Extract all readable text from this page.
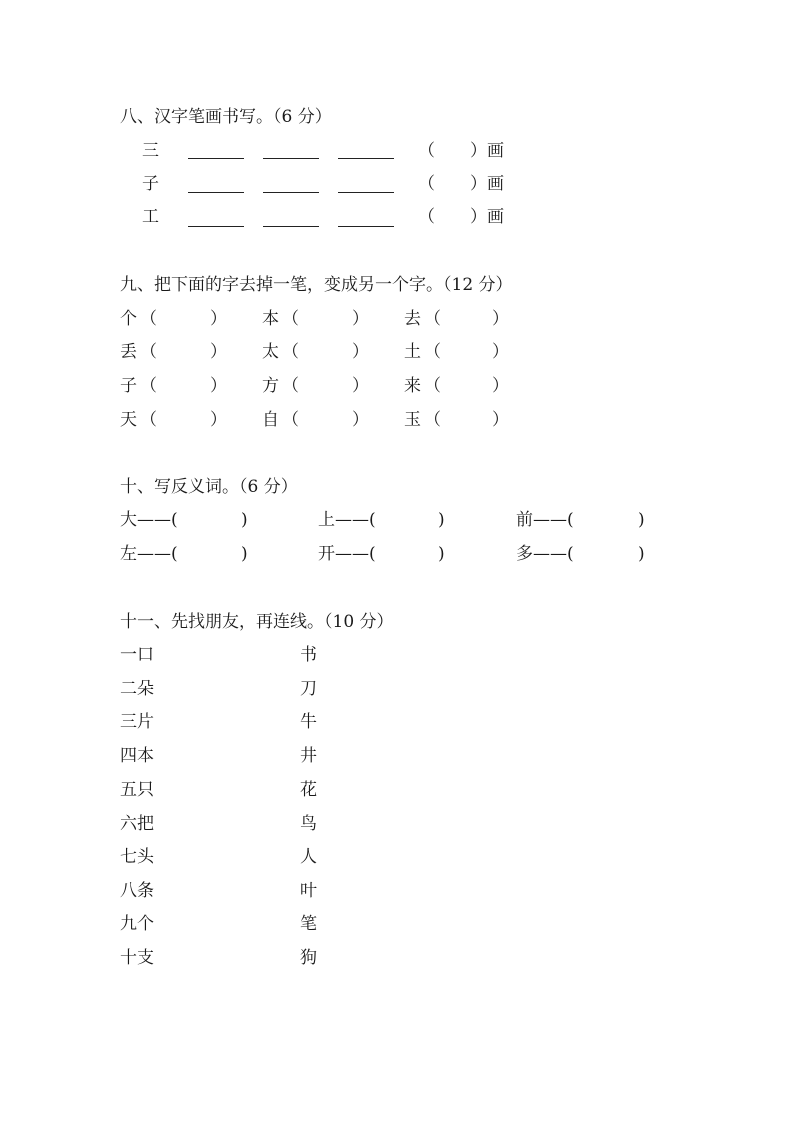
八、汉字笔画书写。（6 分）
三	（ ）画
子	（ ）画
工	（ ）画
九、把下面的字去掉一笔，变成另一个字。（12 分）
个 （	） 本 （	） 去 （	）
丢 （	） 太 （	） 土 （	）
子 （	） 方 （	） 来 （	）
天 （	） 自 （	） 玉 （	）
十、写反义词。（6 分）
大——(	)	上——(	)	前——(	)
左——(	)	开——(	)	多——(	)
十一、先找朋友，再连线。（10 分）
一口	书
二朵	刀
三片	牛
四本	井
五只	花
六把	鸟
七头	人
八条	叶
九个	笔
十支	狗
